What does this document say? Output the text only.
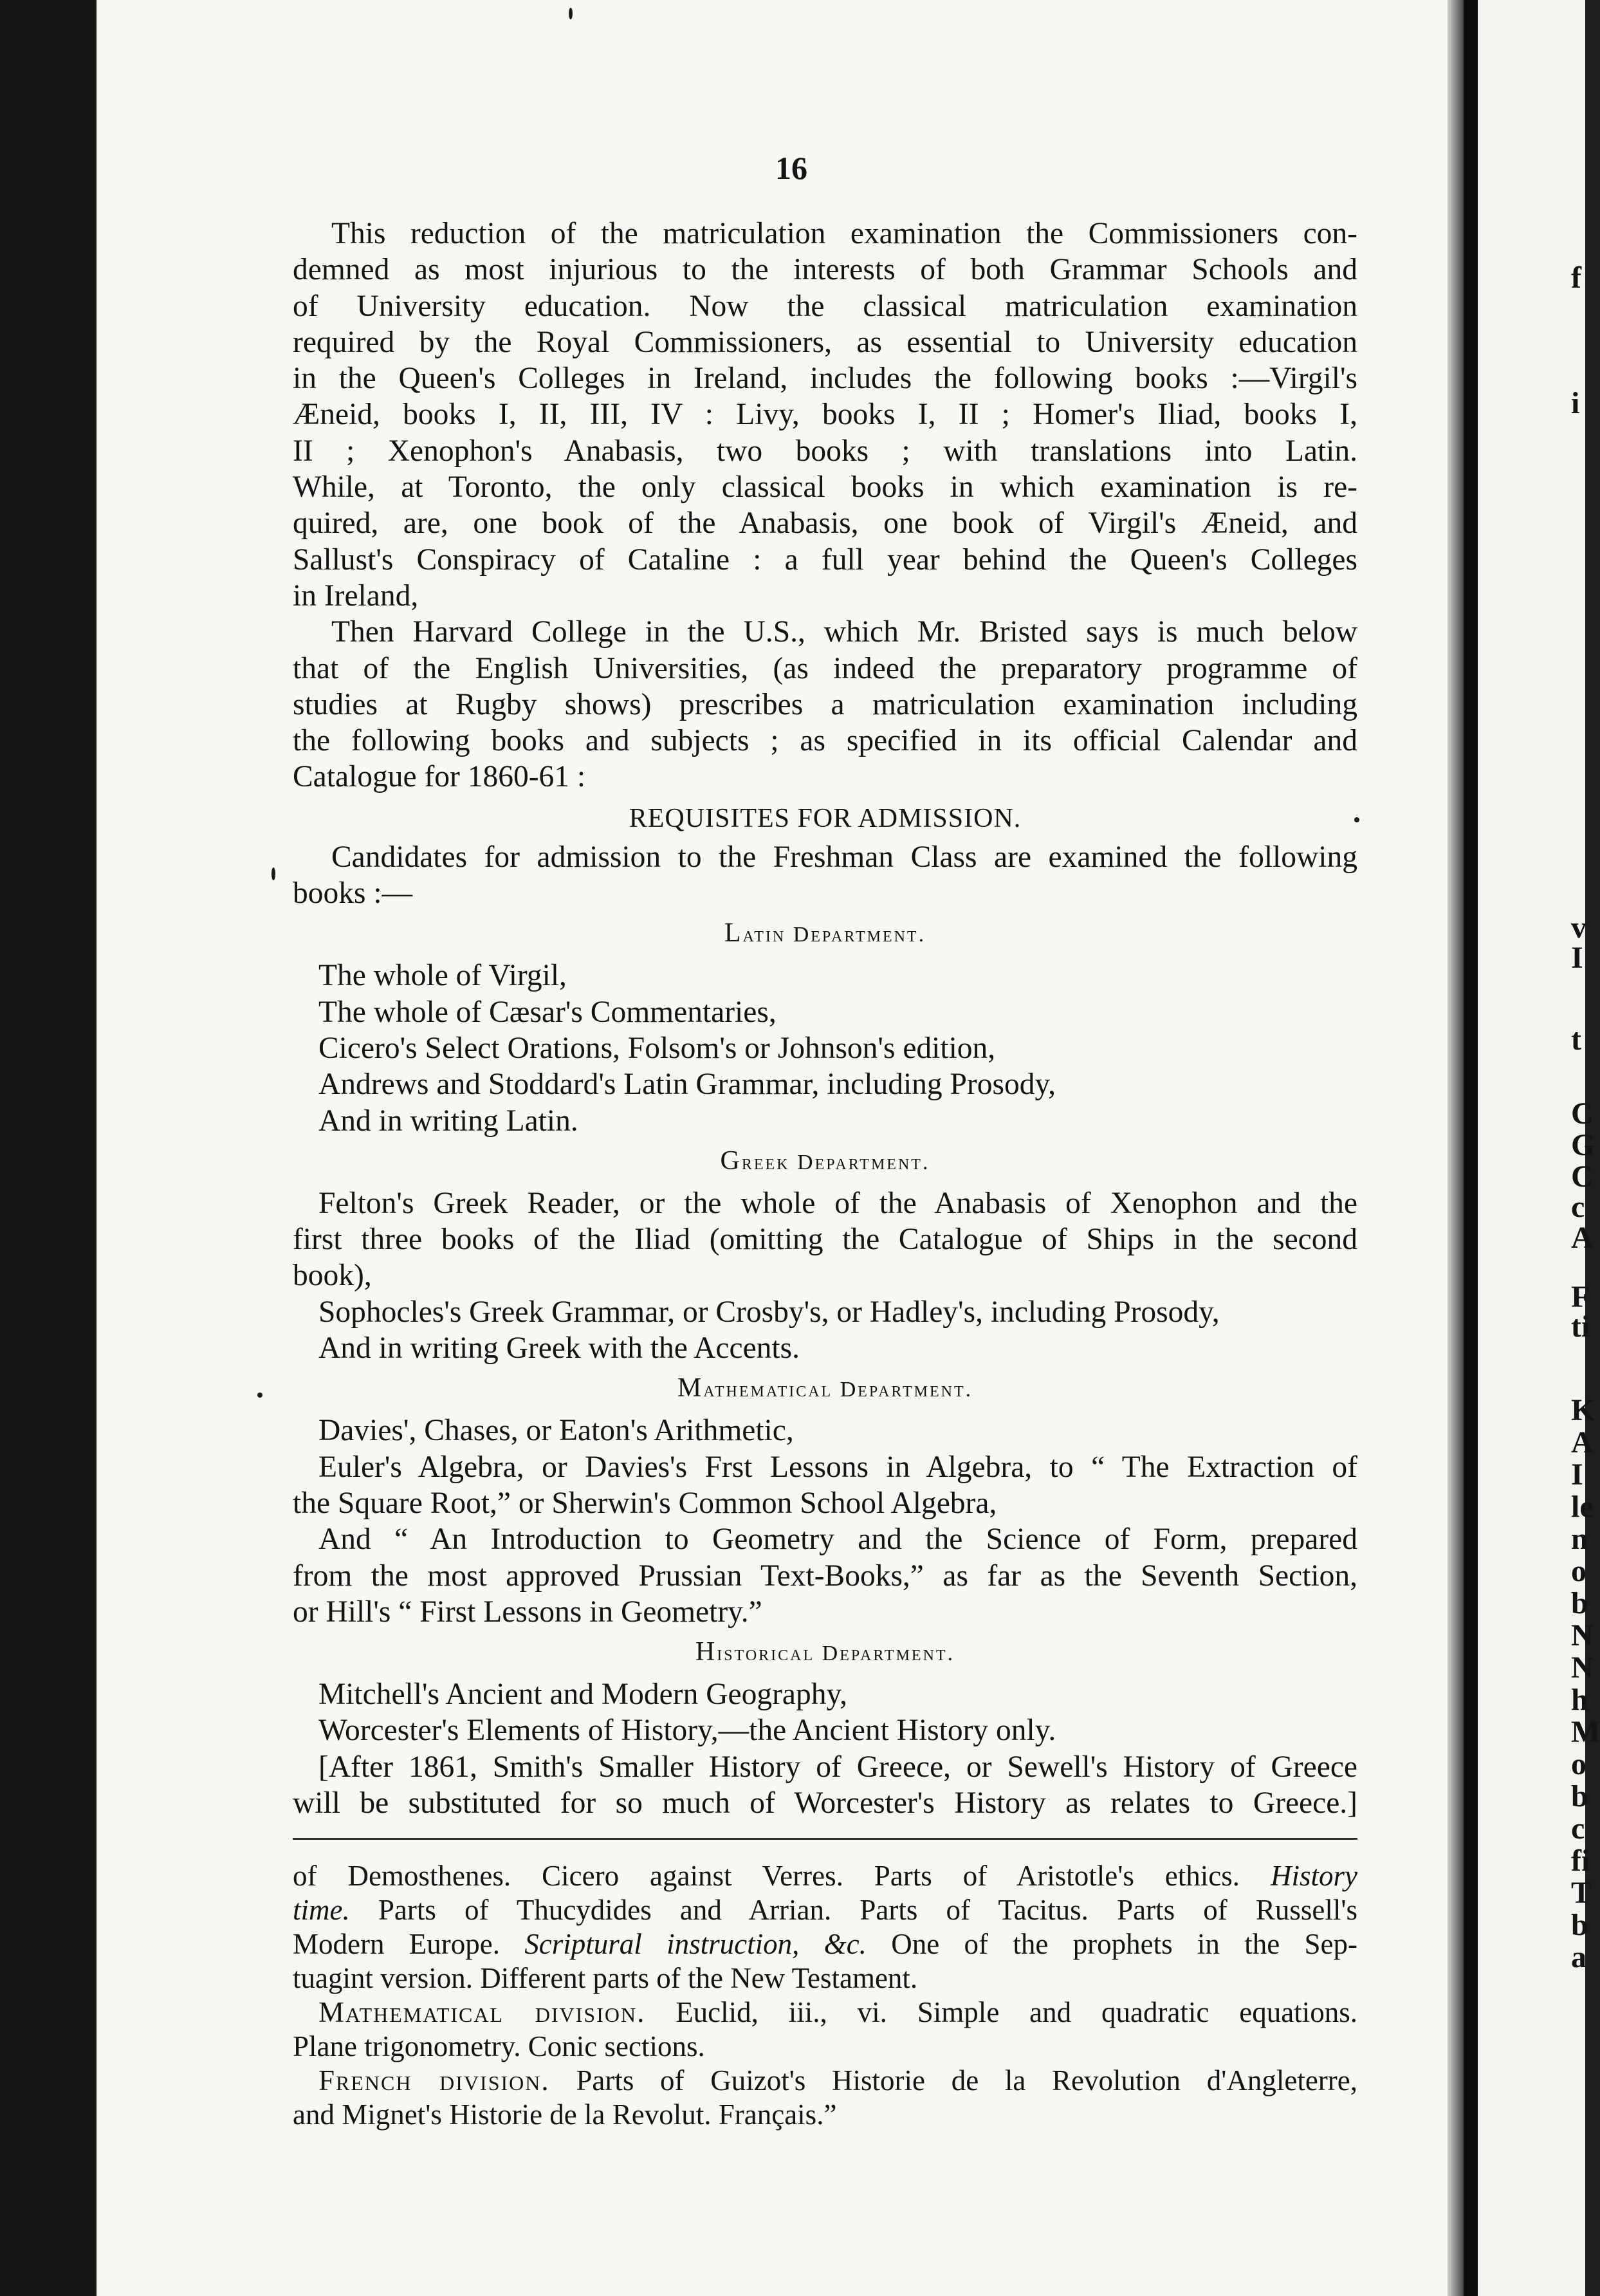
f
i
v
I
t
C
G
C
c
A
F
ti
K
A
I
le
n
o
b
N
N
h
M
o
b
c
fi
T
b
a
16
This reduction of the matriculation examination the Commissioners con-
demned as most injurious to the interests of both Grammar Schools and
of University education. Now the classical matriculation examination
required by the Royal Commissioners, as essential to University education
in the Queen's Colleges in Ireland, includes the following books :—Virgil's
Æneid, books I, II, III, IV : Livy, books I, II ; Homer's Iliad, books I,
II ; Xenophon's Anabasis, two books ; with translations into Latin.
While, at Toronto, the only classical books in which examination is re-
quired, are, one book of the Anabasis, one book of Virgil's Æneid, and
Sallust's Conspiracy of Cataline : a full year behind the Queen's Colleges
in Ireland,
Then Harvard College in the U.S., which Mr. Bristed says is much below
that of the English Universities, (as indeed the preparatory programme of
studies at Rugby shows) prescribes a matriculation examination including
the following books and subjects ; as specified in its official Calendar and
Catalogue for 1860-61 :
REQUISITES FOR ADMISSION.
Candidates for admission to the Freshman Class are examined the following
books :—
Latin Department.
The whole of Virgil,
The whole of Cæsar's Commentaries,
Cicero's Select Orations, Folsom's or Johnson's edition,
Andrews and Stoddard's Latin Grammar, including Prosody,
And in writing Latin.
Greek Department.
Felton's Greek Reader, or the whole of the Anabasis of Xenophon and the
first three books of the Iliad (omitting the Catalogue of Ships in the second
book),
Sophocles's Greek Grammar, or Crosby's, or Hadley's, including Prosody,
And in writing Greek with the Accents.
Mathematical Department.
Davies', Chases, or Eaton's Arithmetic,
Euler's Algebra, or Davies's Frst Lessons in Algebra, to “ The Extraction of
the Square Root,” or Sherwin's Common School Algebra,
And “ An Introduction to Geometry and the Science of Form, prepared
from the most approved Prussian Text-Books,” as far as the Seventh Section,
or Hill's “ First Lessons in Geometry.”
Historical Department.
Mitchell's Ancient and Modern Geography,
Worcester's Elements of History,—the Ancient History only.
[After 1861, Smith's Smaller History of Greece, or Sewell's History of Greece
will be substituted for so much of Worcester's History as relates to Greece.]
of Demosthenes. Cicero against Verres. Parts of Aristotle's ethics. History
time. Parts of Thucydides and Arrian. Parts of Tacitus. Parts of Russell's
Modern Europe. Scriptural instruction, &c. One of the prophets in the Sep-
tuagint version. Different parts of the New Testament.
Mathematical division. Euclid, iii., vi. Simple and quadratic equations.
Plane trigonometry. Conic sections.
French division. Parts of Guizot's Historie de la Revolution d'Angleterre,
and Mignet's Historie de la Revolut. Français.”
